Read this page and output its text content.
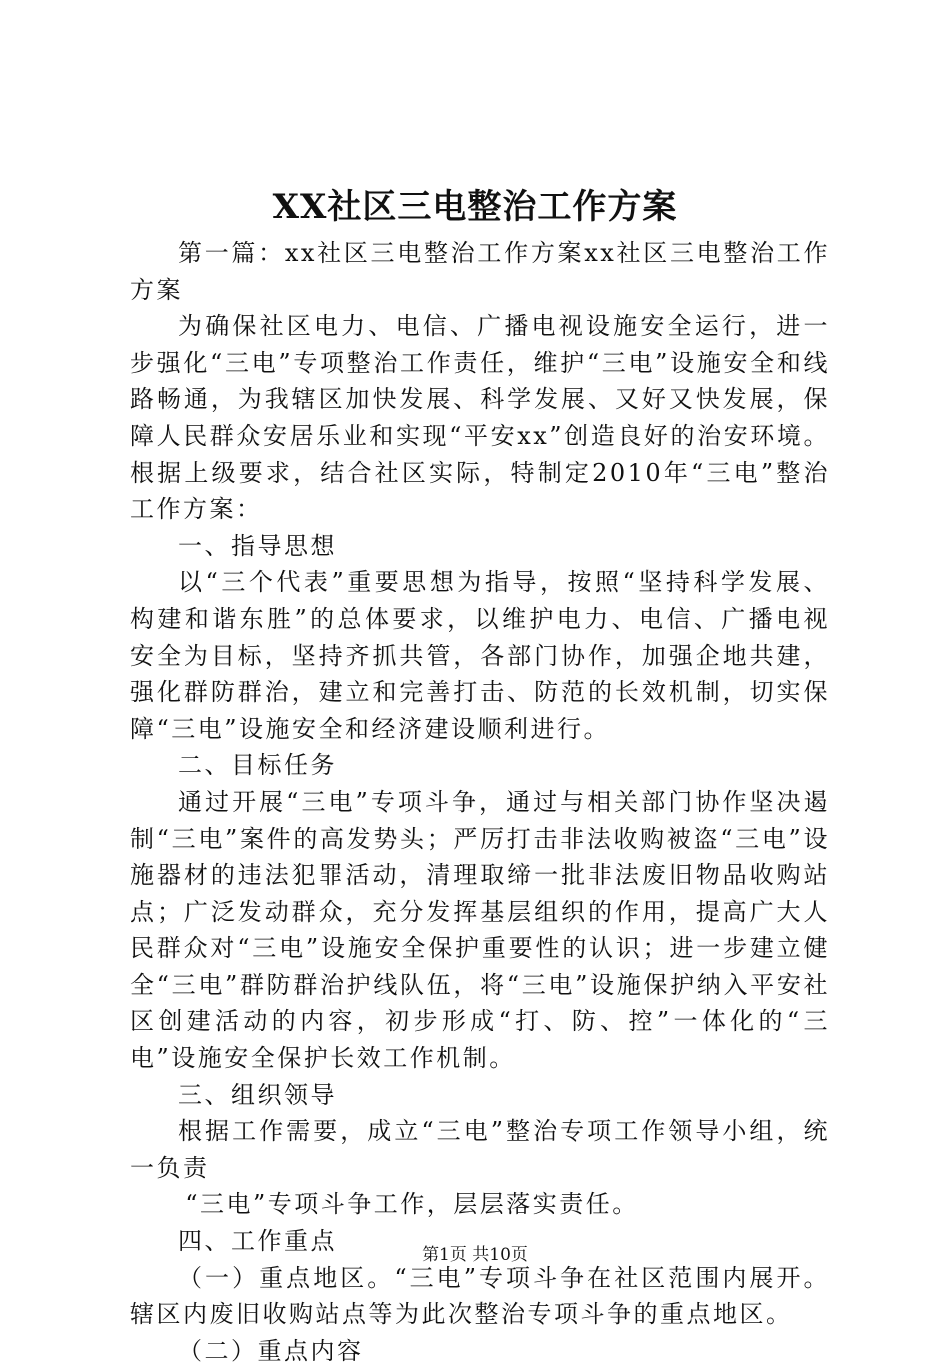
XX社区三电整治工作方案

第一篇：xx社区三电整治工作方案xx社区三电整治工作方案

为确保社区电力、电信、广播电视设施安全运行，进一步强化“三电”专项整治工作责任，维护“三电”设施安全和线路畅通，为我辖区加快发展、科学发展、又好又快发展，保障人民群众安居乐业和实现“平安xx”创造良好的治安环境。根据上级要求，结合社区实际，特制定2010年“三电”整治工作方案：

一、指导思想

以“三个代表”重要思想为指导，按照“坚持科学发展、构建和谐东胜”的总体要求，以维护电力、电信、广播电视安全为目标，坚持齐抓共管，各部门协作，加强企地共建，强化群防群治，建立和完善打击、防范的长效机制，切实保障“三电”设施安全和经济建设顺利进行。

二、目标任务

通过开展“三电”专项斗争，通过与相关部门协作坚决遏制“三电”案件的高发势头；严厉打击非法收购被盗“三电”设施器材的违法犯罪活动，清理取缔一批非法废旧物品收购站点；广泛发动群众，充分发挥基层组织的作用，提高广大人民群众对“三电”设施安全保护重要性的认识；进一步建立健全“三电”群防群治护线队伍，将“三电”设施保护纳入平安社区创建活动的内容，初步形成“打、防、控”一体化的“三电”设施安全保护长效工作机制。

三、组织领导

根据工作需要，成立“三电”整治专项工作领导小组，统一负责

“三电”专项斗争工作，层层落实责任。

四、工作重点

（一）重点地区。“三电”专项斗争在社区范围内展开。辖区内废旧收购站点等为此次整治专项斗争的重点地区。

（二）重点内容

第1页 共10页
